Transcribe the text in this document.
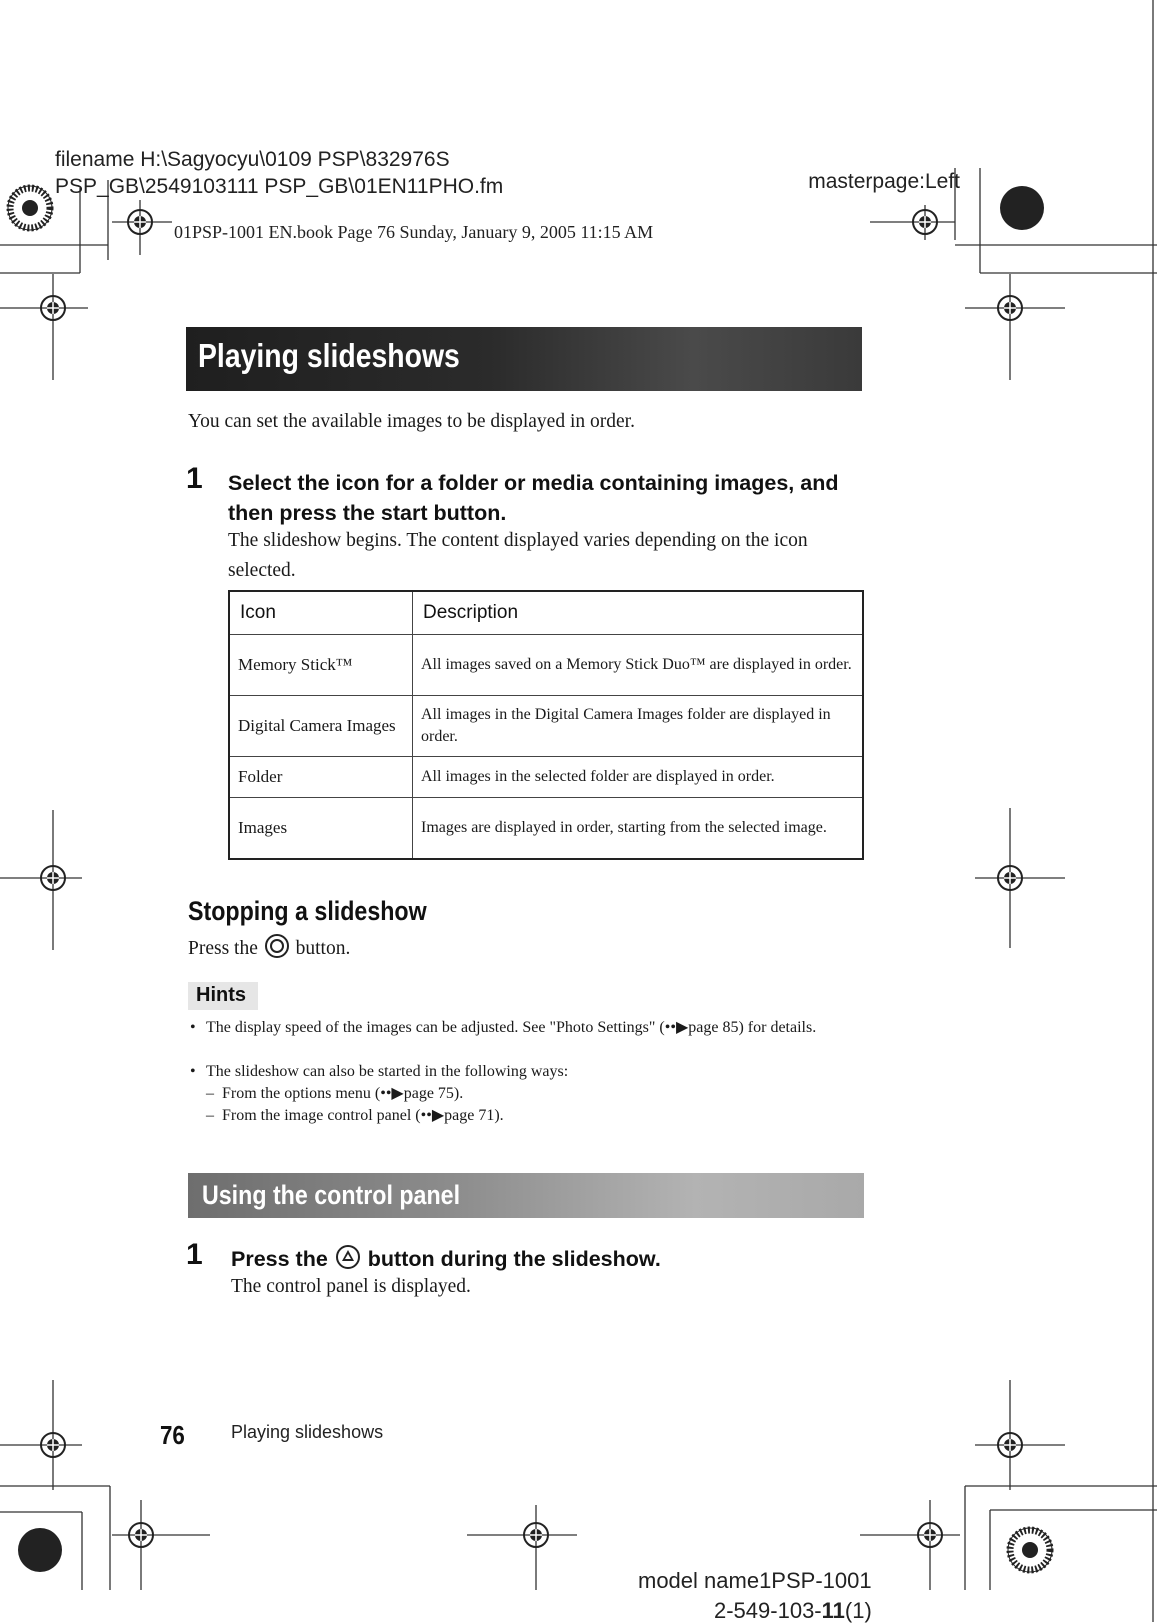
filename H:\Sagyocyu\0109 PSP\832976S
PSP_GB\2549103111 PSP_GB\01EN11PHO.fm	masterpage:Left
01PSP-1001 EN.book Page 76 Sunday, January 9, 2005 11:15 AM
Playing slideshows
You can set the available images to be displayed in order.
1 Select the icon for a folder or media containing images, and then press the start button.
The slideshow begins. The content displayed varies depending on the icon selected.
Icon	Description
Memory Stick™	All images saved on a Memory Stick Duo™ are displayed in order.
Digital Camera Images	All images in the Digital Camera Images folder are displayed in order.
Folder	All images in the selected folder are displayed in order.
Images	Images are displayed in order, starting from the selected image.
Stopping a slideshow
Press the button.
Hints
• The display speed of the images can be adjusted. See "Photo Settings" (••▶page 85) for details.
• The slideshow can also be started in the following ways:
– From the options menu (••▶page 75).
– From the image control panel (••▶page 71).
Using the control panel
1 Press the button during the slideshow.
The control panel is displayed.
76	Playing slideshows
model name1PSP-1001
2-549-103-11(1)
